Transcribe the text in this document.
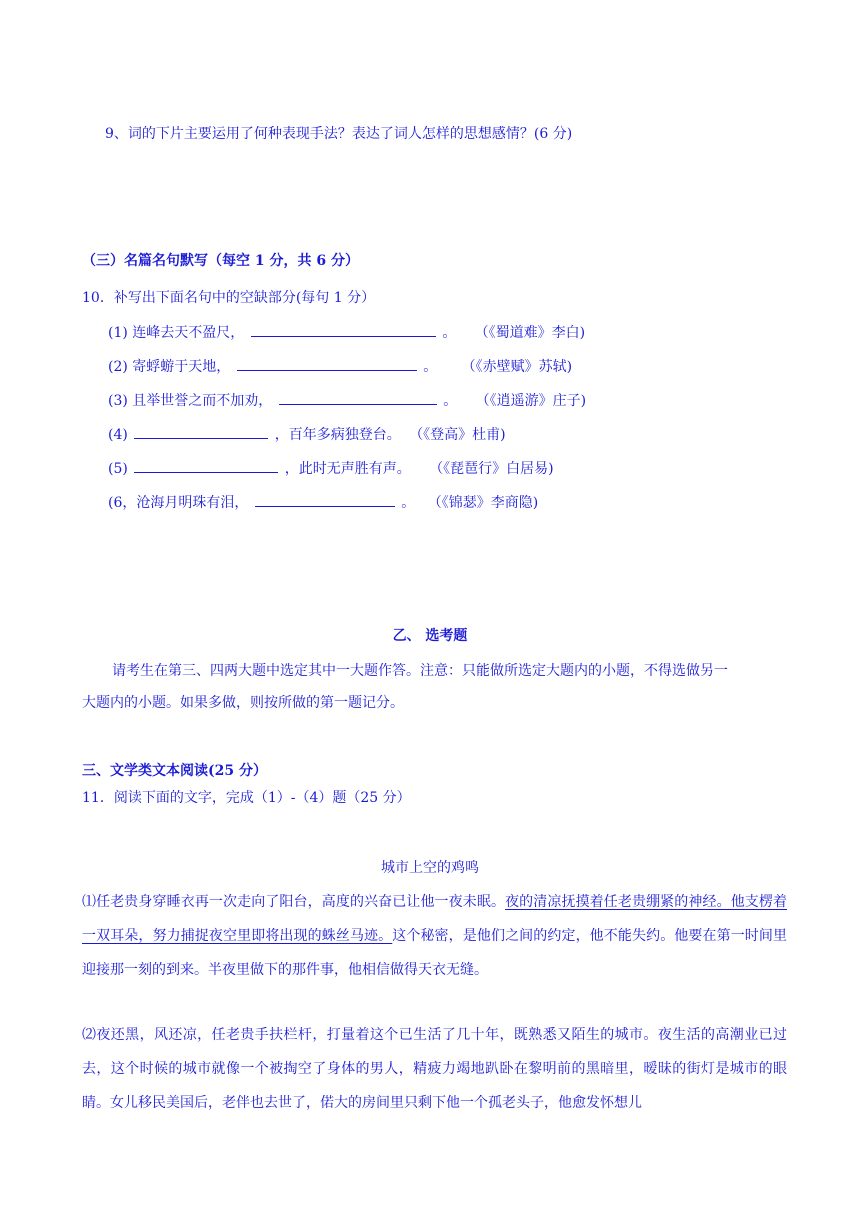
9、词的下片主要运用了何种表现手法？表达了词人怎样的思想感情？(6 分)
（三）名篇名句默写（每空 1 分，共 6 分）
10．补写出下面名句中的空缺部分(每句 1 分）
(1) 连峰去天不盈尺，	。 （《蜀道难》李白)
(2) 寄蜉蝣于天地，	。 （《赤壁赋》苏轼)
(3) 且举世誉之而不加劝，	。 （《逍遥游》庄子)
(4)	，百年多病独登台。 （《登高》杜甫)
(5)	，此时无声胜有声。 （《琵琶行》白居易)
(6，沧海月明珠有泪，	。 （《锦瑟》李商隐)
乙、 选考题
请考生在第三、四两大题中选定其中一大题作答。注意：只能做所选定大题内的小题，不得选做另一
大题内的小题。如果多做，则按所做的第一题记分。
三、文学类文本阅读(25 分）
11．阅读下面的文字，完成（1）-（4）题（25 分）
城市上空的鸡鸣
⑴任老贵身穿睡衣再一次走向了阳台，高度的兴奋已让他一夜未眠。夜的清凉抚摸着任老贵绷紧的神经。他支楞着一双耳朵，努力捕捉夜空里即将出现的蛛丝马迹。这个秘密，是他们之间的约定，他不能失约。他要在第一时间里迎接那一刻的到来。半夜里做下的那件事，他相信做得天衣无缝。
⑵夜还黑，风还凉，任老贵手扶栏杆，打量着这个已生活了几十年，既熟悉又陌生的城市。夜生活的高潮业已过去，这个时候的城市就像一个被掏空了身体的男人，精疲力竭地趴卧在黎明前的黑暗里，暧昧的街灯是城市的眼睛。女儿移民美国后，老伴也去世了，偌大的房间里只剩下他一个孤老头子，他愈发怀想儿
